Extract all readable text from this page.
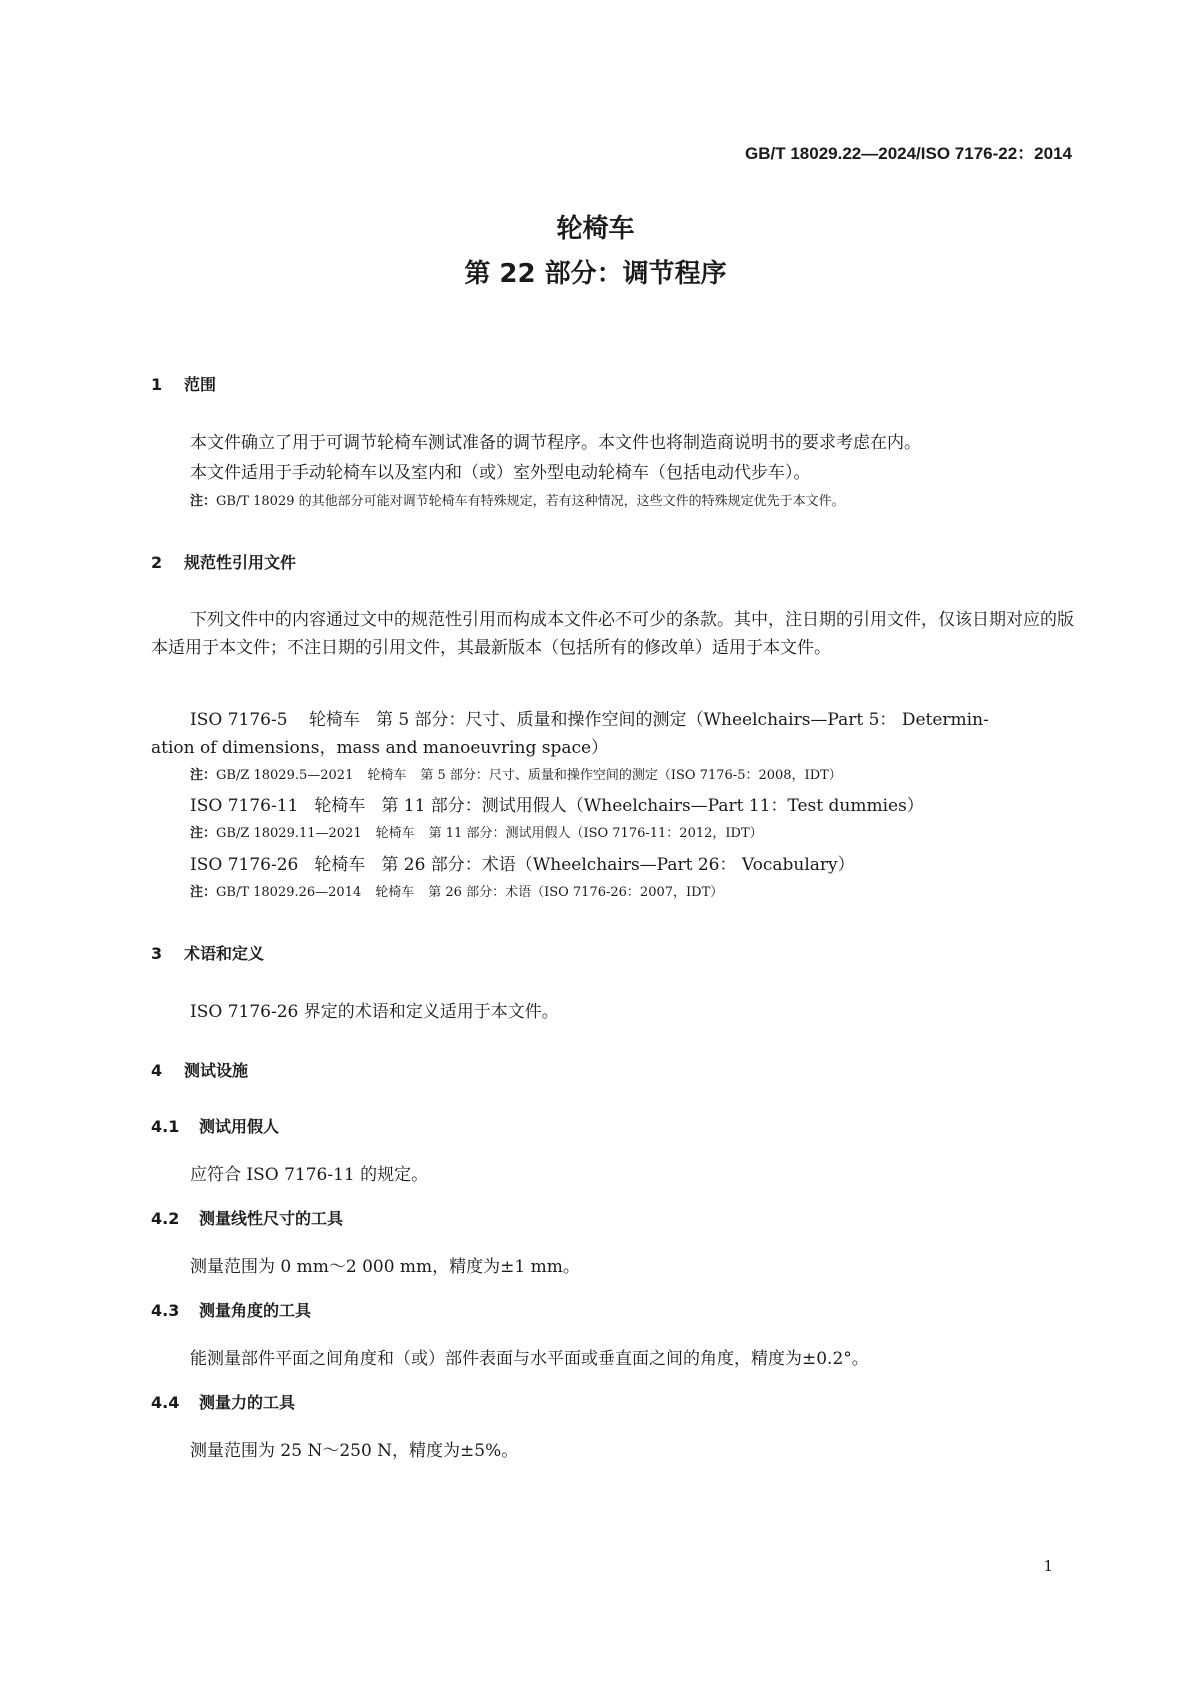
GB/T 18029.22—2024/ISO 7176-22：2014
轮椅车
第 22 部分：调节程序
1 范围
本文件确立了用于可调节轮椅车测试准备的调节程序。本文件也将制造商说明书的要求考虑在内。
本文件适用于手动轮椅车以及室内和（或）室外型电动轮椅车（包括电动代步车）。
注：GB/T 18029 的其他部分可能对调节轮椅车有特殊规定，若有这种情况，这些文件的特殊规定优先于本文件。
2 规范性引用文件
下列文件中的内容通过文中的规范性引用而构成本文件必不可少的条款。其中，注日期的引用文件，仅该日期对应的版本适用于本文件；不注日期的引用文件，其最新版本（包括所有的修改单）适用于本文件。
ISO 7176-5 轮椅车 第 5 部分：尺寸、质量和操作空间的测定（Wheelchairs—Part 5： Determin-
ation of dimensions，mass and manoeuvring space）
注：GB/Z 18029.5—2021 轮椅车 第 5 部分：尺寸、质量和操作空间的测定（ISO 7176-5：2008，IDT）
ISO 7176-11 轮椅车 第 11 部分：测试用假人（Wheelchairs—Part 11：Test dummies）
注：GB/Z 18029.11—2021 轮椅车 第 11 部分：测试用假人（ISO 7176-11：2012，IDT）
ISO 7176-26 轮椅车 第 26 部分：术语（Wheelchairs—Part 26： Vocabulary）
注：GB/T 18029.26—2014 轮椅车 第 26 部分：术语（ISO 7176-26：2007，IDT）
3 术语和定义
ISO 7176-26 界定的术语和定义适用于本文件。
4 测试设施
4.1 测试用假人
应符合 ISO 7176-11 的规定。
4.2 测量线性尺寸的工具
测量范围为 0 mm～2 000 mm，精度为±1 mm。
4.3 测量角度的工具
能测量部件平面之间角度和（或）部件表面与水平面或垂直面之间的角度，精度为±0.2°。
4.4 测量力的工具
测量范围为 25 N～250 N，精度为±5%。
1
